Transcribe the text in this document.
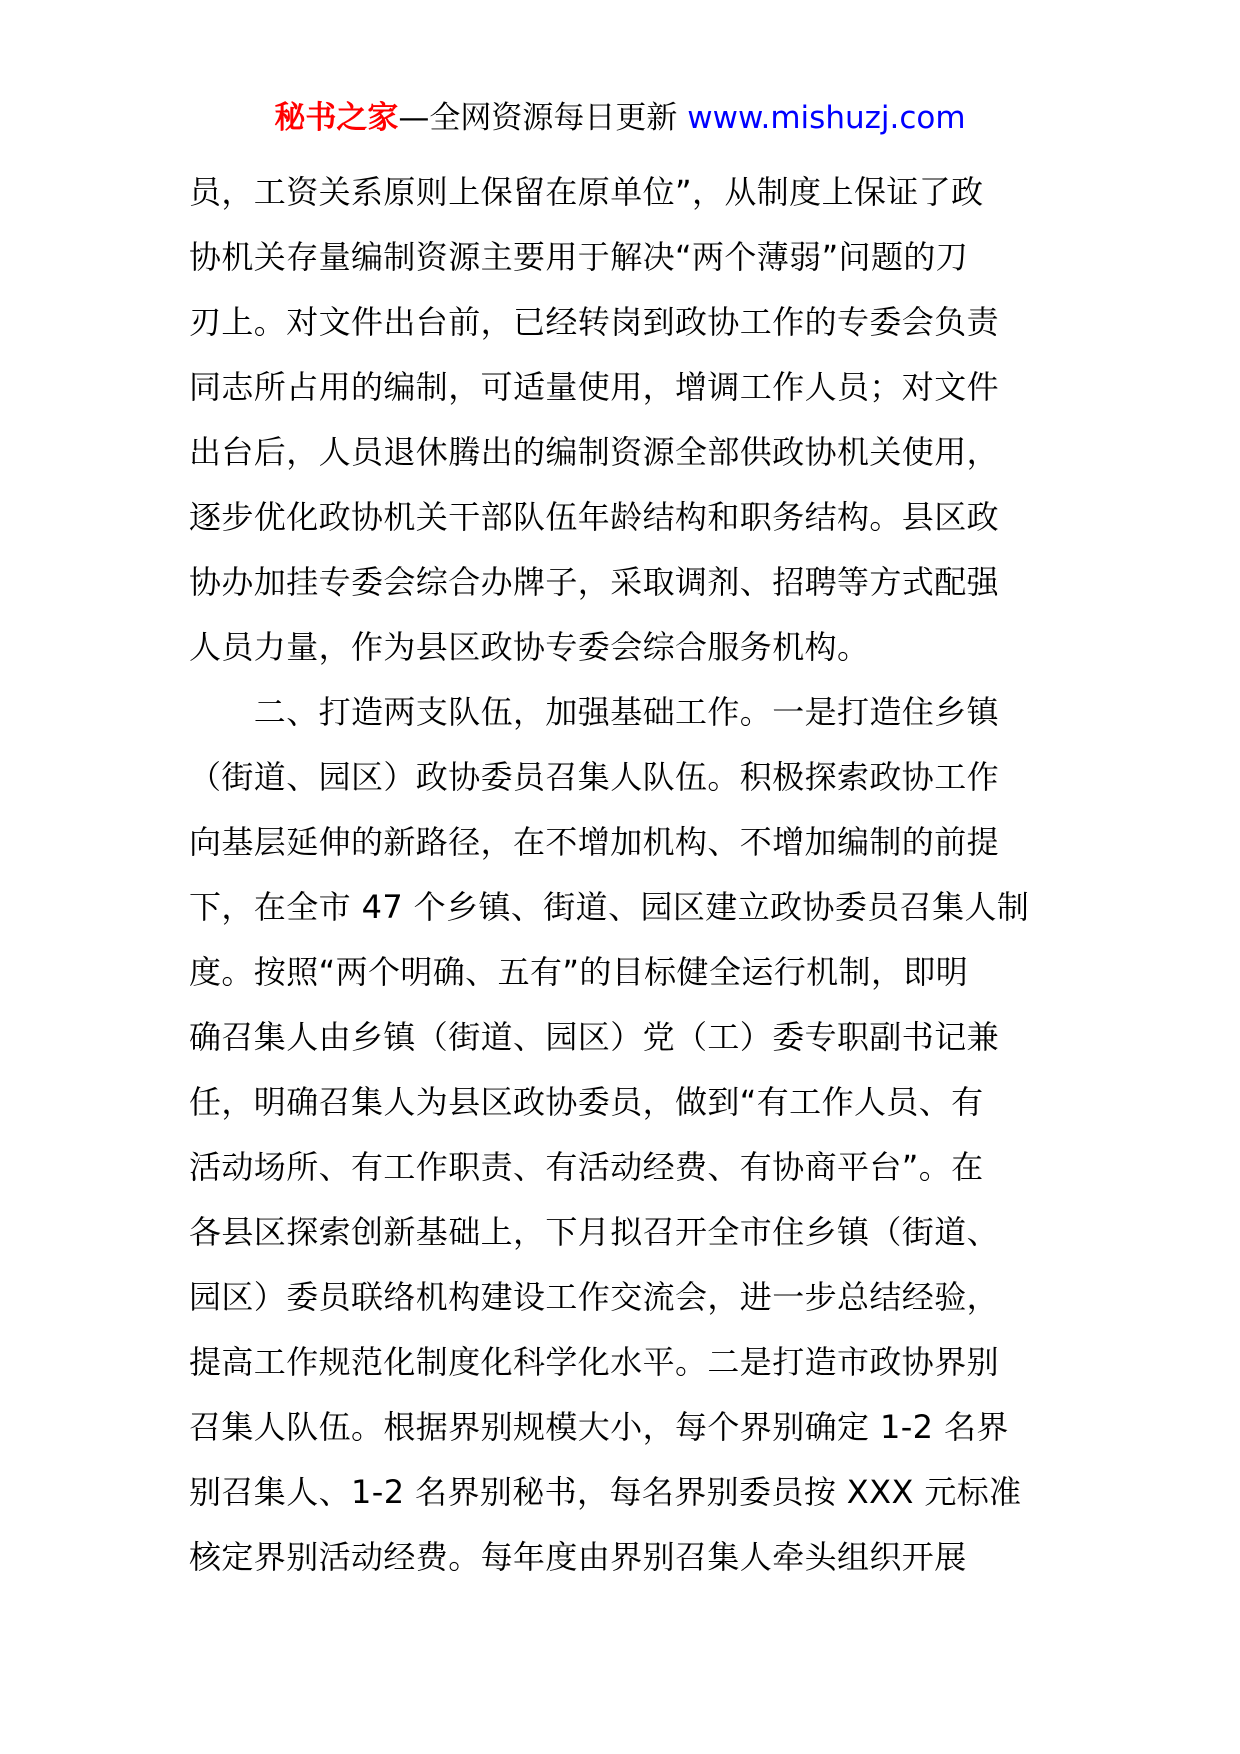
秘书之家—全网资源每日更新 www.mishuzj.com
员，工资关系原则上保留在原单位”，从制度上保证了政
协机关存量编制资源主要用于解决“两个薄弱”问题的刀
刃上。对文件出台前，已经转岗到政协工作的专委会负责
同志所占用的编制，可适量使用，增调工作人员；对文件
出台后，人员退休腾出的编制资源全部供政协机关使用，
逐步优化政协机关干部队伍年龄结构和职务结构。县区政
协办加挂专委会综合办牌子，采取调剂、招聘等方式配强
人员力量，作为县区政协专委会综合服务机构。
　　二、打造两支队伍，加强基础工作。一是打造住乡镇
（街道、园区）政协委员召集人队伍。积极探索政协工作
向基层延伸的新路径，在不增加机构、不增加编制的前提
下，在全市 47 个乡镇、街道、园区建立政协委员召集人制
度。按照“两个明确、五有”的目标健全运行机制，即明
确召集人由乡镇（街道、园区）党（工）委专职副书记兼
任，明确召集人为县区政协委员，做到“有工作人员、有
活动场所、有工作职责、有活动经费、有协商平台”。在
各县区探索创新基础上，下月拟召开全市住乡镇（街道、
园区）委员联络机构建设工作交流会，进一步总结经验，
提高工作规范化制度化科学化水平。二是打造市政协界别
召集人队伍。根据界别规模大小，每个界别确定 1-2 名界
别召集人、1-2 名界别秘书，每名界别委员按 XXX 元标准
核定界别活动经费。每年度由界别召集人牵头组织开展
